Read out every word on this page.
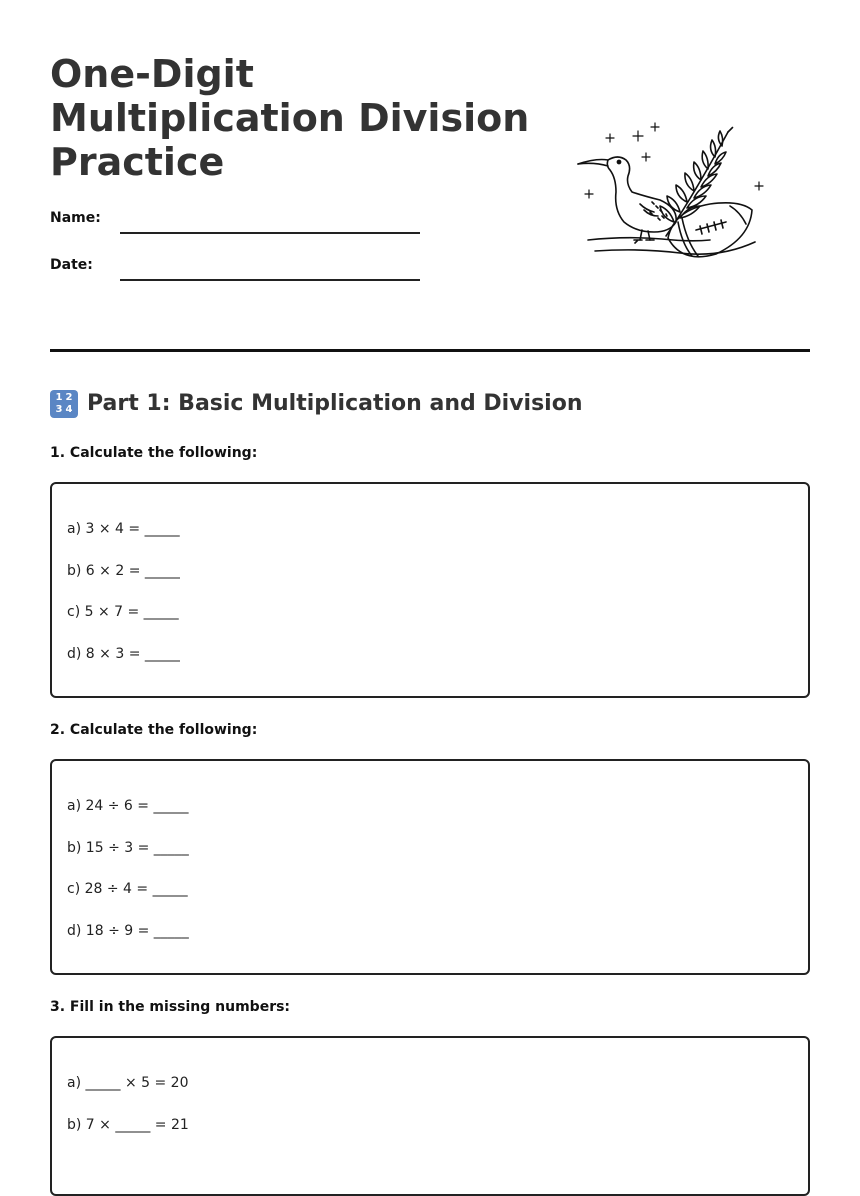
One-Digit
Multiplication Division
Practice
Name:
Date:
1 2
3 4 Part 1: Basic Multiplication and Division
1. Calculate the following:

a) 3 × 4 = _____

b) 6 × 2 = _____

c) 5 × 7 = _____

d) 8 × 3 = _____

2. Calculate the following:

a) 24 ÷ 6 = _____

b) 15 ÷ 3 = _____

c) 28 ÷ 4 = _____

d) 18 ÷ 9 = _____

3. Fill in the missing numbers:

a) _____ × 5 = 20

b) 7 × _____ = 21
